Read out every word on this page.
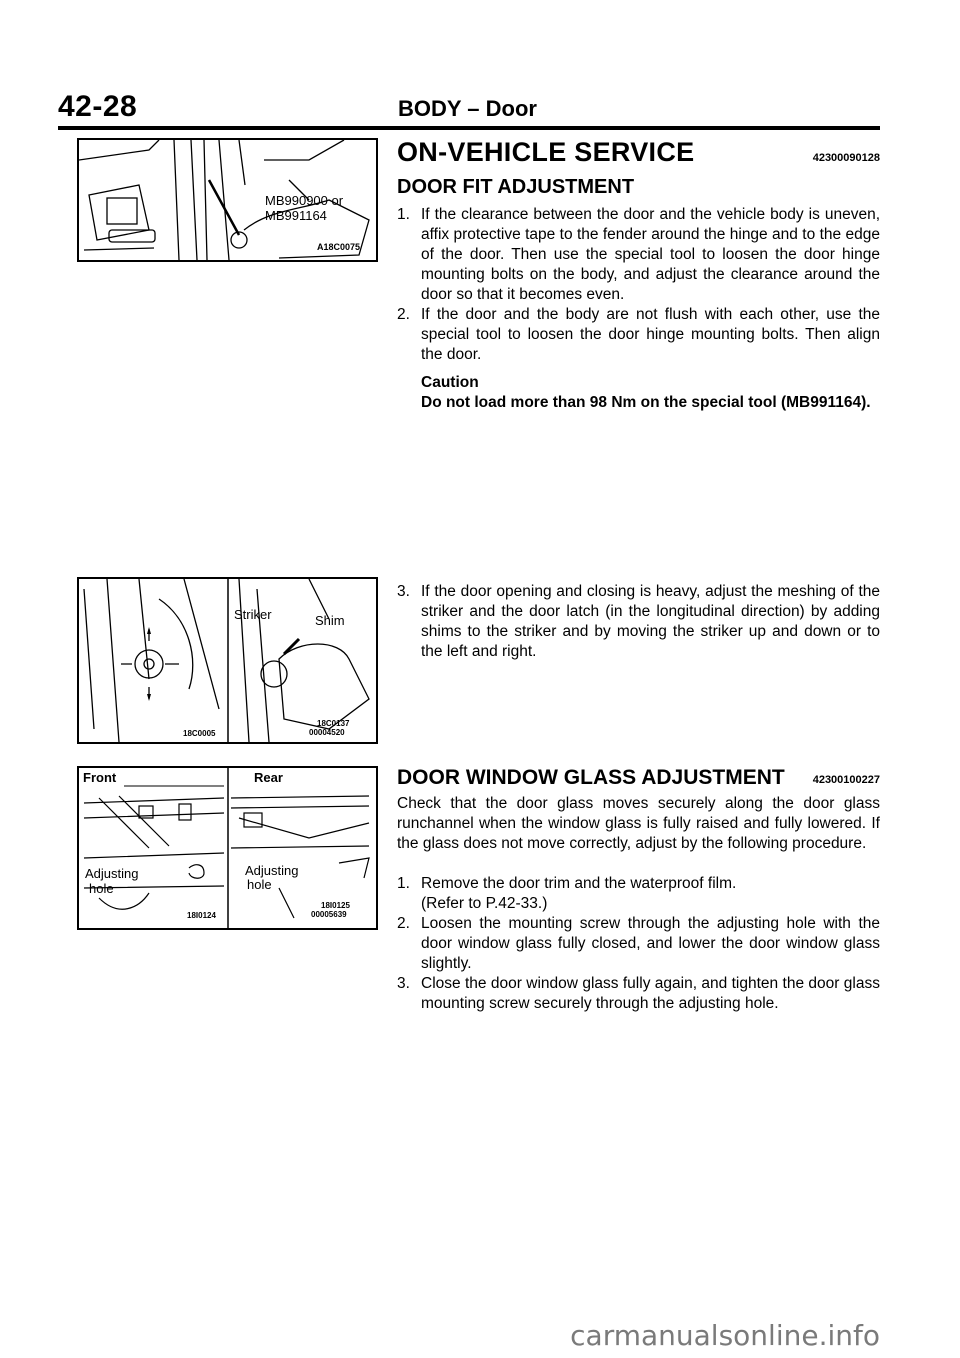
42-28	BODY – Door
MB990900 or
MB991164
A18C0075
Striker	Shim
18C0005
18C0137
00004520
Front	Rear
Adjusting
hole
Adjusting
hole
18I0124
18I0125
00005639
ON-VEHICLE SERVICE	42300090128
DOOR FIT ADJUSTMENT
1. If the clearance between the door and the vehicle body is uneven, affix protective tape to the fender around the hinge and to the edge of the door. Then use the special tool to loosen the door hinge mounting bolts on the body, and adjust the clearance around the door so that it becomes even.
2. If the door and the body are not flush with each other, use the special tool to loosen the door hinge mounting bolts. Then align the door.
Caution
Do not load more than 98 Nm on the special tool (MB991164).
3. If the door opening and closing is heavy, adjust the meshing of the striker and the door latch (in the longitudinal direction) by adding shims to the striker and by moving the striker up and down or to the left and right.
DOOR WINDOW GLASS ADJUSTMENT	42300100227
Check that the door glass moves securely along the door glass runchannel when the window glass is fully raised and fully lowered. If the glass does not move correctly, adjust by the following procedure.
1. Remove the door trim and the waterproof film.
(Refer to P.42-33.)
2. Loosen the mounting screw through the adjusting hole with the door window glass fully closed, and lower the door window glass slightly.
3. Close the door window glass fully again, and tighten the door glass mounting screw securely through the adjusting hole.
carmanualsonline.info
